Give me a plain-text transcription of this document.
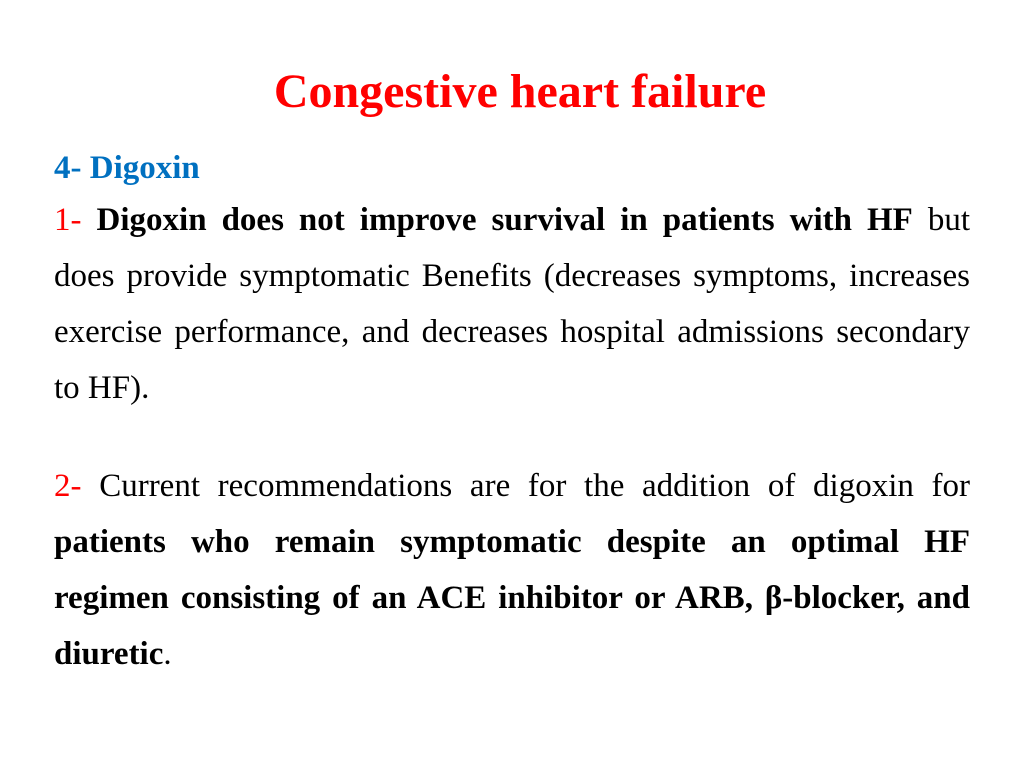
Congestive heart failure
4- Digoxin
1- Digoxin does not improve survival in patients with HF but does provide symptomatic Benefits (decreases symptoms, increases exercise performance, and decreases hospital admissions secondary to HF).
2- Current recommendations are for the addition of digoxin for patients who remain symptomatic despite an optimal HF regimen consisting of an ACE inhibitor or ARB, β-blocker, and diuretic.
